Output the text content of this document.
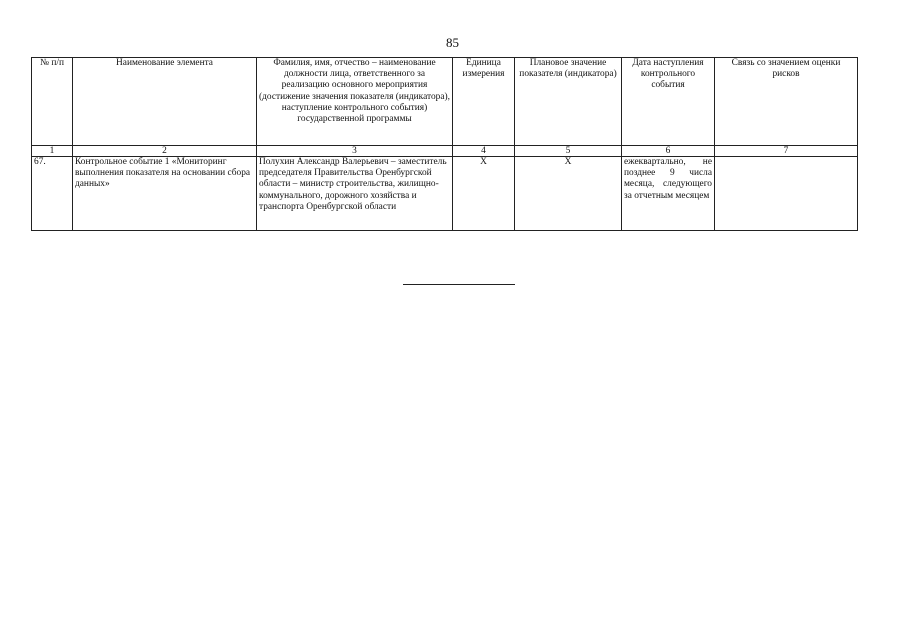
85
№ п/п	Наименование элемента	Фамилия, имя, отчество – наименование должности лица, ответственного за реализацию основного мероприятия (достижение значения показателя (индикатора), наступление контрольного события) государственной программы	Единица измерения	Плановое значение показателя (индикатора)	Дата наступления контрольного события	Связь со значением оценки рисков
1	2	3	4	5	6	7
67.	Контрольное событие 1 «Мониторинг выполнения показателя на основании сбора данных»	Полухин Александр Валерьевич – заместитель председателя Правительства Оренбургской области – министр строительства, жилищно-коммунального, дорожного хозяйства и транспорта Оренбургской области	Х	Х	ежеквартально, не позднее 9 числа месяца, следующего за отчетным месяцем	
